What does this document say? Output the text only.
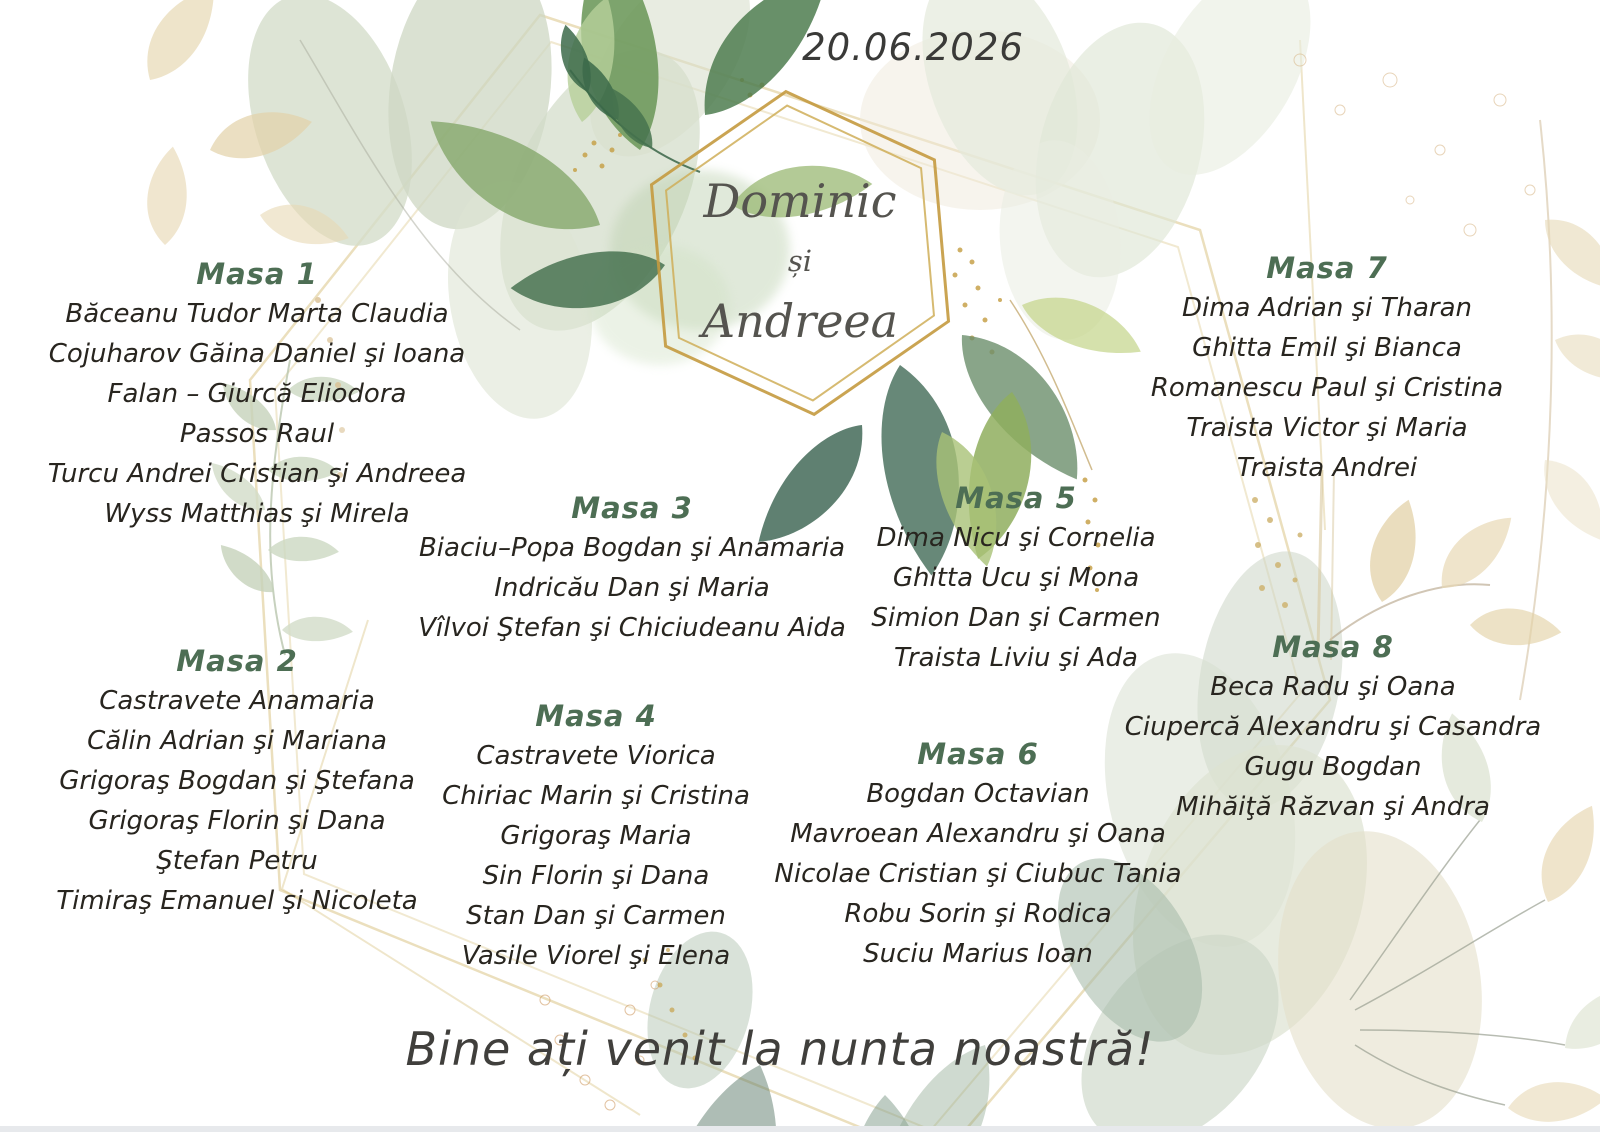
20.06.2026
Dominic
și
Andreea
Masa 1
Băceanu Tudor Marta Claudia
Cojuharov Găina Daniel şi Ioana
Falan – Giurcă Eliodora
Passos Raul
Turcu Andrei Cristian şi Andreea
Wyss Matthias şi Mirela
Masa 2
Castravete Anamaria
Călin Adrian şi Mariana
Grigoraş Bogdan şi Ştefana
Grigoraş Florin şi Dana
Ştefan Petru
Timiraş Emanuel şi Nicoleta
Masa 3
Biaciu–Popa Bogdan şi Anamaria
Indricău Dan şi Maria
Vîlvoi Ştefan şi Chiciudeanu Aida
Masa 4
Castravete Viorica
Chiriac Marin şi Cristina
Grigoraş Maria
Sin Florin şi Dana
Stan Dan şi Carmen
Vasile Viorel şi Elena
Masa 5
Dima Nicu şi Cornelia
Ghitta Ucu şi Mona
Simion Dan şi Carmen
Traista Liviu şi Ada
Masa 6
Bogdan Octavian
Mavroean Alexandru şi Oana
Nicolae Cristian şi Ciubuc Tania
Robu Sorin şi Rodica
Suciu Marius Ioan
Masa 7
Dima Adrian şi Tharan
Ghitta Emil şi Bianca
Romanescu Paul şi Cristina
Traista Victor şi Maria
Traista Andrei
Masa 8
Beca Radu şi Oana
Ciupercă Alexandru şi Casandra
Gugu Bogdan
Mihăiţă Răzvan şi Andra
Bine ați venit la nunta noastră!
